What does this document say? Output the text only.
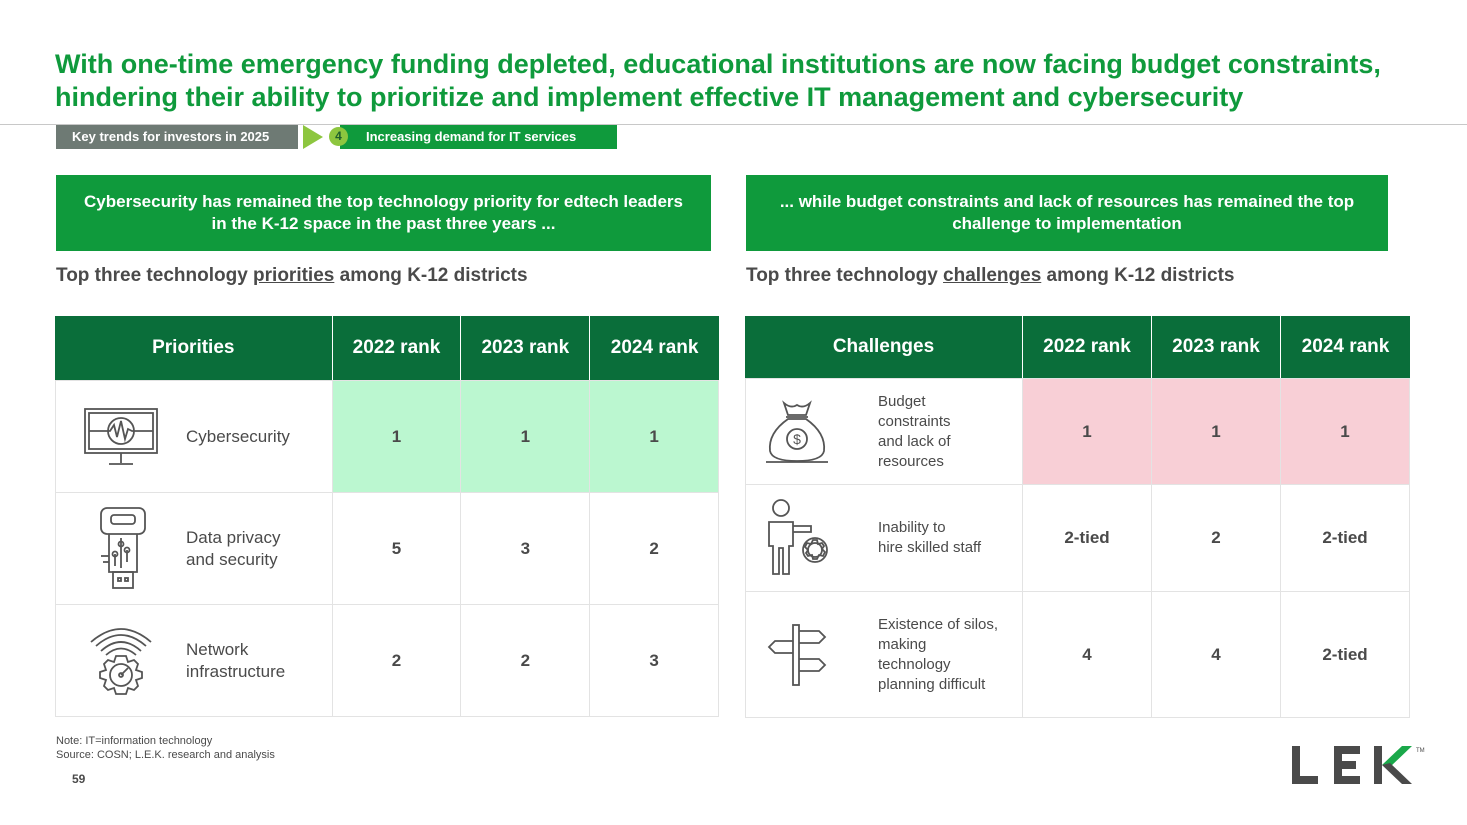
With one-time emergency funding depleted, educational institutions are now facing budget constraints,
hindering their ability to prioritize and implement effective IT management and cybersecurity
Key trends for investors in 2025	Increasing demand for IT services
4
Cybersecurity has remained the top technology priority for edtech leaders in the K-12 space in the past three years ...
... while budget constraints and lack of resources has remained the top challenge to implementation
Top three technology priorities among K-12 districts	Top three technology challenges among K-12 districts
Priorities	2022 rank	2023 rank	2024 rank
Cybersecurity	1	1	1
Data privacy
and security
5	3	2
Network
infrastructure
2	2	3
Challenges	2022 rank	2023 rank	2024 rank
$
Budget
constraints
and lack of
resources
1	1	1
Inability to
hire skilled staff
2-tied	2	2-tied
Existence of silos,
making
technology
planning difficult
4	4	2-tied
Note: IT=information technology
Source: COSN; L.E.K. research and analysis
59
TM
